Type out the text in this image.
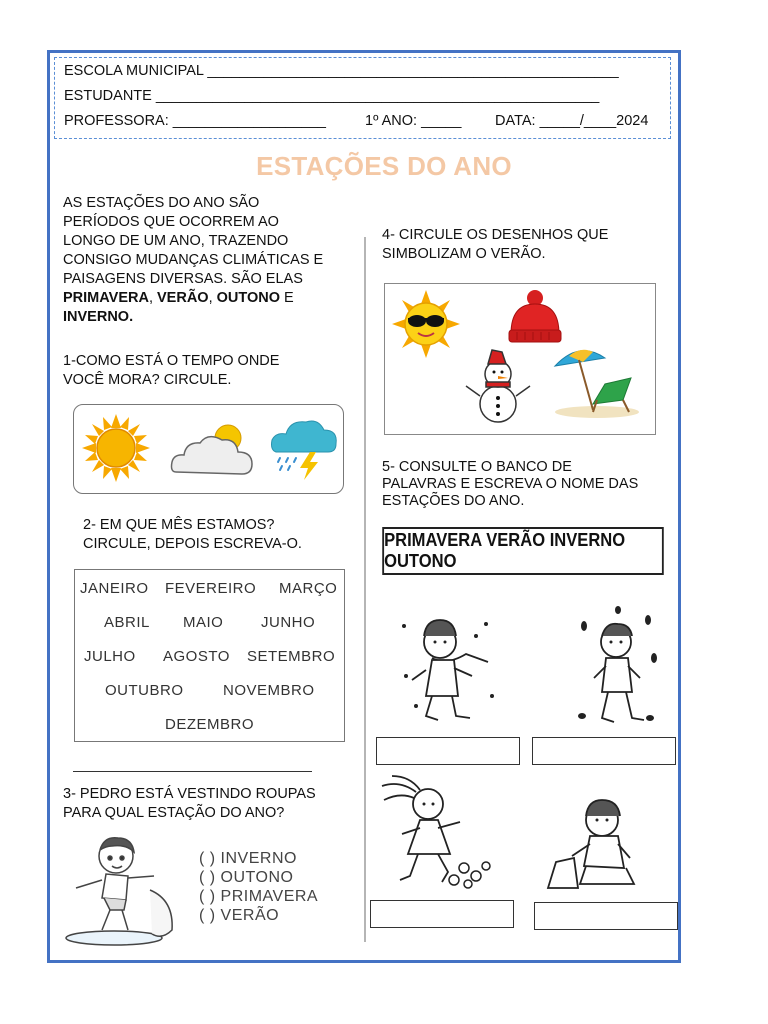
ESCOLA MUNICIPAL ___________________________________________________
ESTUDANTE _______________________________________________________
PROFESSORA: ___________________	1º ANO: _____ DATA: _____/____2024
ESTAÇÕES DO ANO
AS ESTAÇÕES DO ANO SÃO
PERÍODOS QUE OCORREM AO
LONGO DE UM ANO, TRAZENDO
CONSIGO MUDANÇAS CLIMÁTICAS E
PAISAGENS DIVERSAS. SÃO ELAS
PRIMAVERA, VERÃO, OUTONO E
INVERNO.
1-COMO ESTÁ O TEMPO ONDE
VOCÊ MORA? CIRCULE.
2- EM QUE MÊS ESTAMOS?
CIRCULE, DEPOIS ESCREVA-O.
JANEIRO FEVEREIRO MARÇO
ABRIL MAIO	JUNHO
JULHO AGOSTO SETEMBRO
OUTUBRO	NOVEMBRO
DEZEMBRO
3- PEDRO ESTÁ VESTINDO ROUPAS
PARA QUAL ESTAÇÃO DO ANO?
( ) INVERNO
( ) OUTONO
( ) PRIMAVERA
( ) VERÃO
4- CIRCULE OS DESENHOS QUE
SIMBOLIZAM O VERÃO.
5- CONSULTE O BANCO DE
PALAVRAS E ESCREVA O NOME DAS
ESTAÇÕES DO ANO.
PRIMAVERA VERÃO INVERNO OUTONO
